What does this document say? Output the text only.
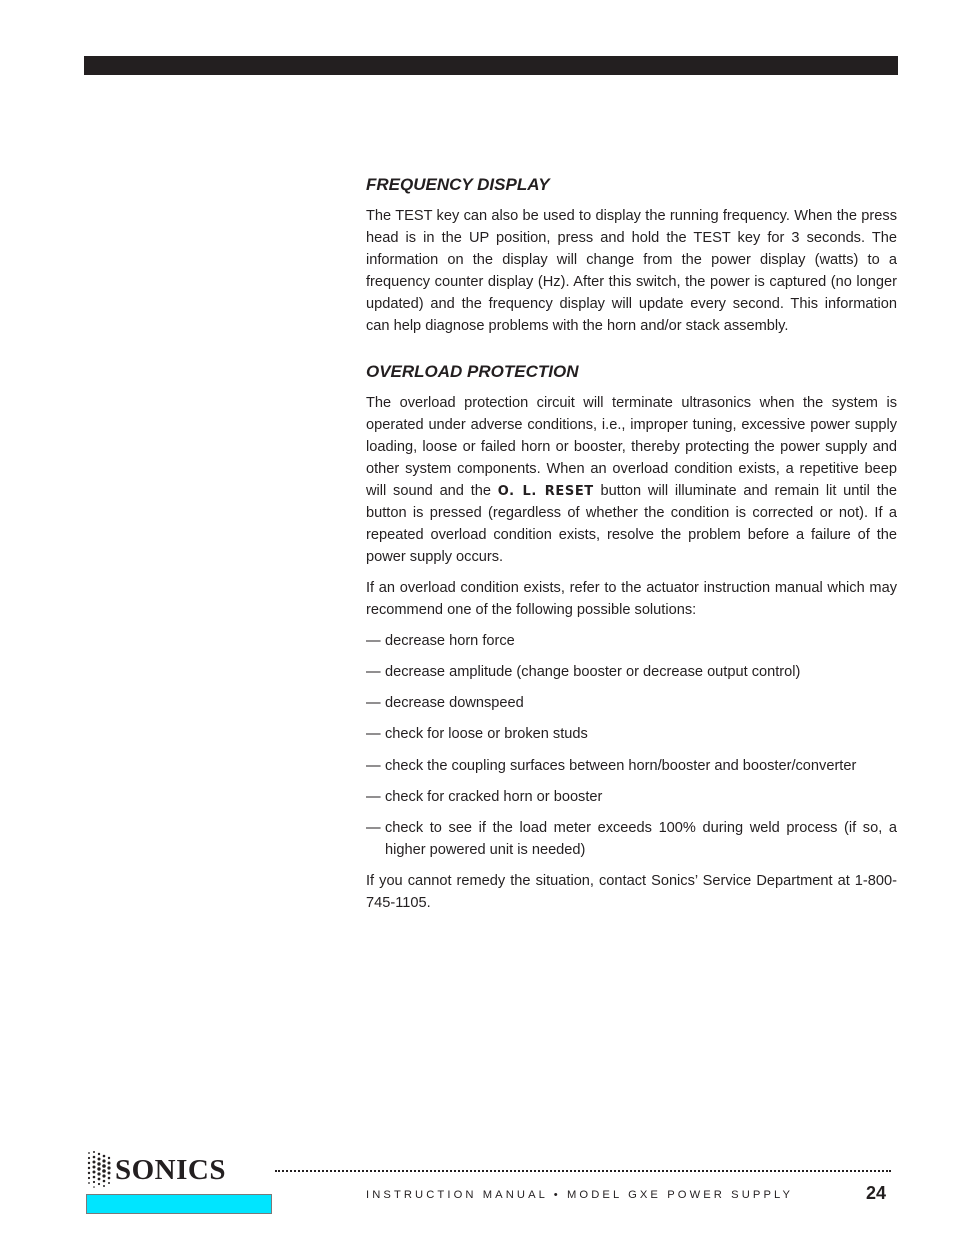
FREQUENCY DISPLAY

The TEST key can also be used to display the running frequency. When the press head is in the UP position, press and hold the TEST key for 3 seconds. The information on the display will change from the power display (watts) to a frequency counter display (Hz). After this switch, the power is captured (no longer updated) and the frequency display will update every second. This information can help diagnose problems with the horn and/or stack assembly.

OVERLOAD PROTECTION

The overload protection circuit will terminate ultrasonics when the system is operated under adverse conditions, i.e., improper tuning, excessive power supply loading, loose or failed horn or booster, thereby protecting the power supply and other system components. When an overload condition exists, a repetitive beep will sound and the O. L. RESET button will illuminate and remain lit until the button is pressed (regardless of whether the condition is corrected or not). If a repeated overload condition exists, resolve the problem before a failure of the power supply occurs.

If an overload condition exists, refer to the actuator instruction manual which may recommend one of the following possible solutions:

— decrease horn force
— decrease amplitude (change booster or decrease output control)
— decrease downspeed
— check for loose or broken studs
— check the coupling surfaces between horn/booster and booster/converter
— check for cracked horn or booster
— check to see if the load meter exceeds 100% during weld process (if so, a higher powered unit is needed)

If you cannot remedy the situation, contact Sonics’ Service Department at 1-800-745-1105.

SONICS
INSTRUCTION MANUAL • MODEL GXE POWER SUPPLY	24
